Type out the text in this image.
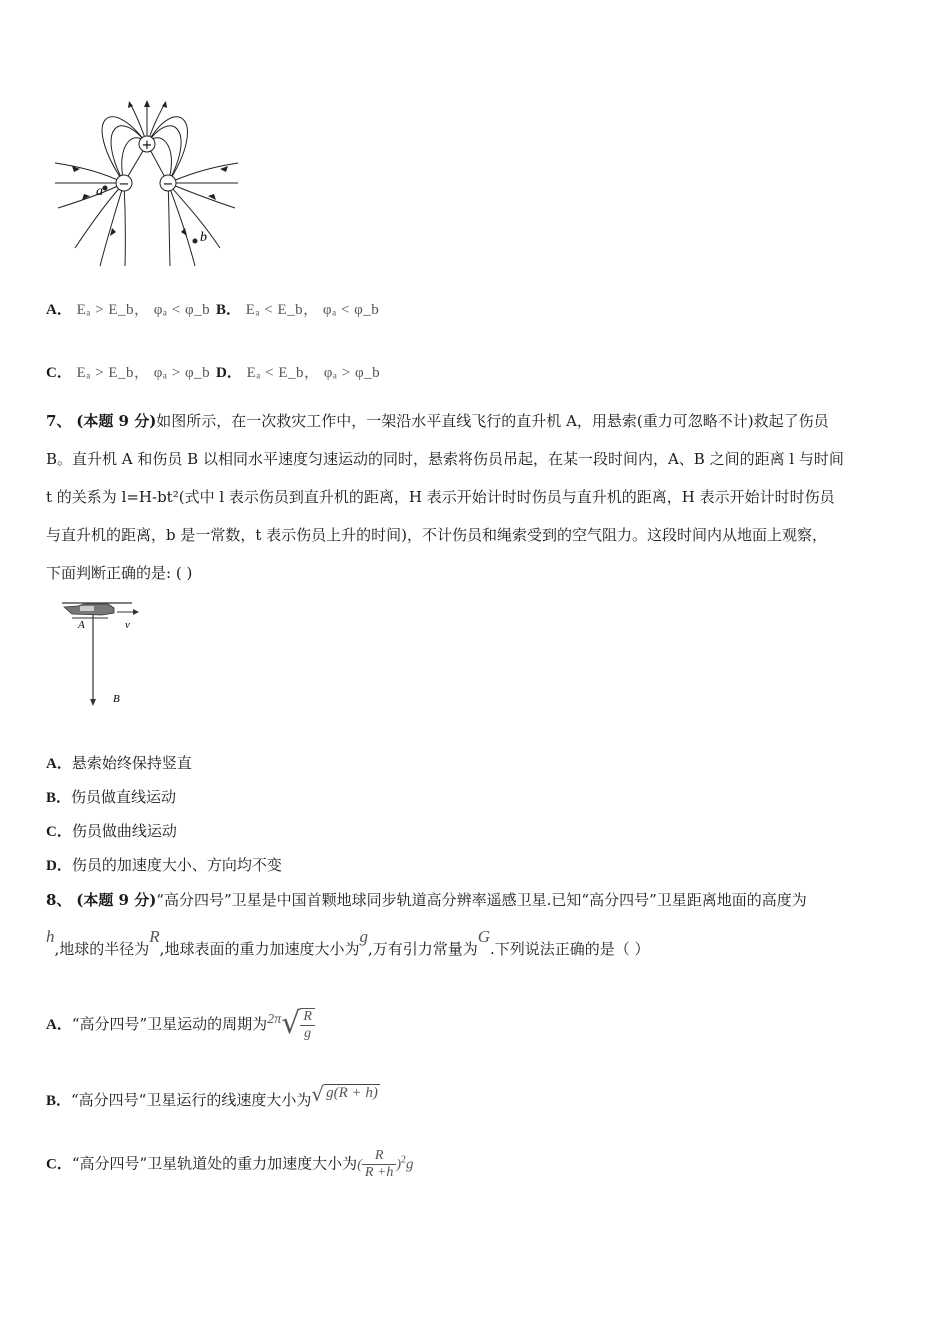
+
−	−
a
b
A． Eₐ > E_b， φₐ < φ_b B． Eₐ < E_b， φₐ < φ_b
C． Eₐ > E_b， φₐ > φ_b D． Eₐ < E_b， φₐ > φ_b
7、 (本题 9 分)如图所示，在一次救灾工作中，一架沿水平直线飞行的直升机 A，用悬索(重力可忽略不计)救起了伤员
B。直升机 A 和伤员 B 以相同水平速度匀速运动的同时，悬索将伤员吊起，在某一段时间内，A、B 之间的距离 l 与时间
t 的关系为 l=H-bt²(式中 l 表示伤员到直升机的距离，H 表示开始计时时伤员与直升机的距离，H 表示开始计时时伤员
与直升机的距离，b 是一常数，t 表示伤员上升的时间)，不计伤员和绳索受到的空气阻力。这段时间内从地面上观察，
下面判断正确的是: ( )
A	v
B
A．悬索始终保持竖直
B．伤员做直线运动
C．伤员做曲线运动
D．伤员的加速度大小、方向均不变
8、 (本题 9 分)“高分四号”卫星是中国首颗地球同步轨道高分辨率遥感卫星.已知“高分四号”卫星距离地面的高度为
h,地球的半径为R,地球表面的重力加速度大小为g,万有引力常量为G.下列说法正确的是（ ）
A．“高分四号”卫星运动的周期为$2\pi√ \frac{R}{g}$
B．“高分四号“卫星运行的线速度大小为√ g(R + h)
C．“高分四号”卫星轨道处的重力加速度大小为( $\frac{R}{R +h} )^2g$
